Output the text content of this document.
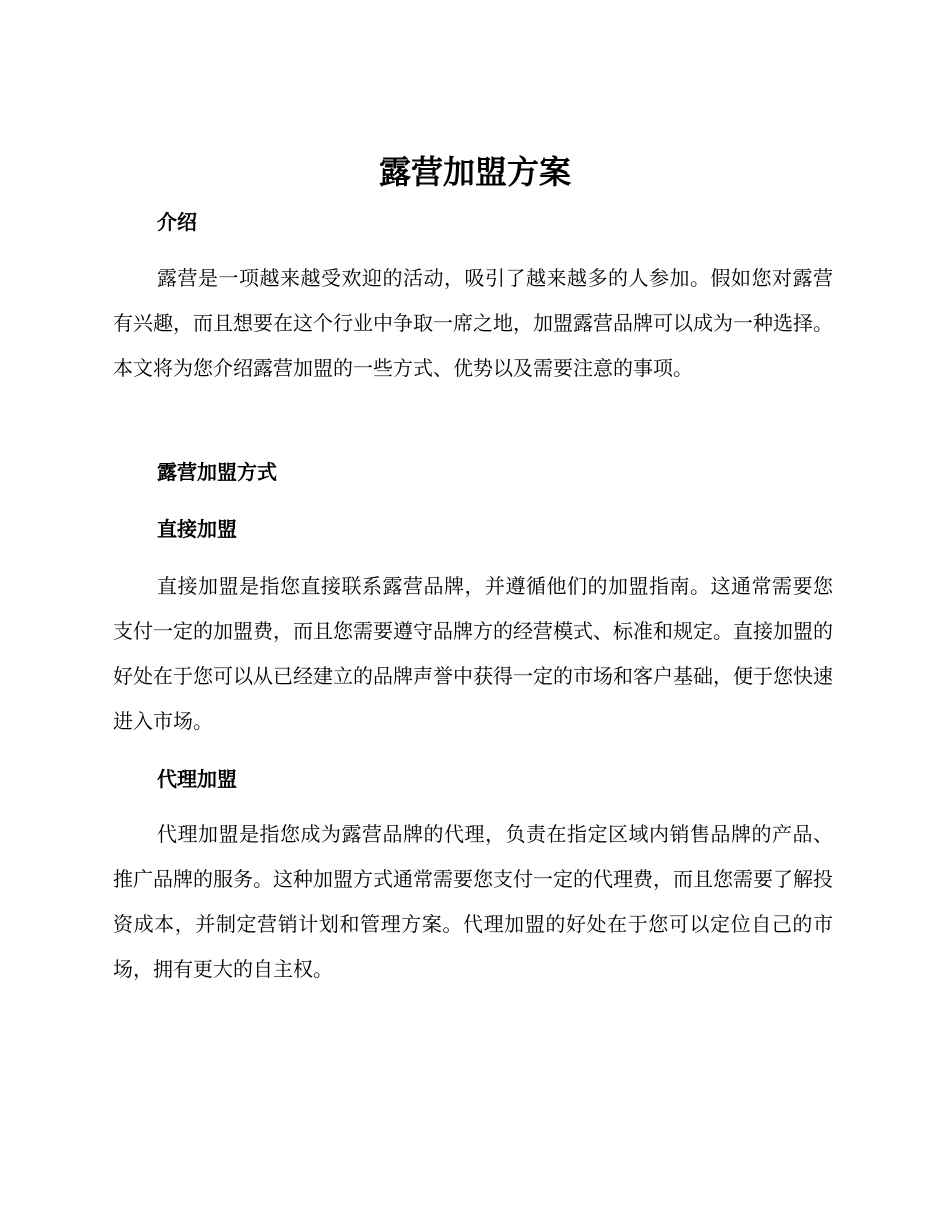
露营加盟方案
介绍

露营是一项越来越受欢迎的活动，吸引了越来越多的人参加。假如您对露营有兴趣，而且想要在这个行业中争取一席之地，加盟露营品牌可以成为一种选择。本文将为您介绍露营加盟的一些方式、优势以及需要注意的事项。

露营加盟方式
直接加盟

直接加盟是指您直接联系露营品牌，并遵循他们的加盟指南。这通常需要您支付一定的加盟费，而且您需要遵守品牌方的经营模式、标准和规定。直接加盟的好处在于您可以从已经建立的品牌声誉中获得一定的市场和客户基础，便于您快速进入市场。

代理加盟

代理加盟是指您成为露营品牌的代理，负责在指定区域内销售品牌的产品、推广品牌的服务。这种加盟方式通常需要您支付一定的代理费，而且您需要了解投资成本，并制定营销计划和管理方案。代理加盟的好处在于您可以定位自己的市场，拥有更大的自主权。
